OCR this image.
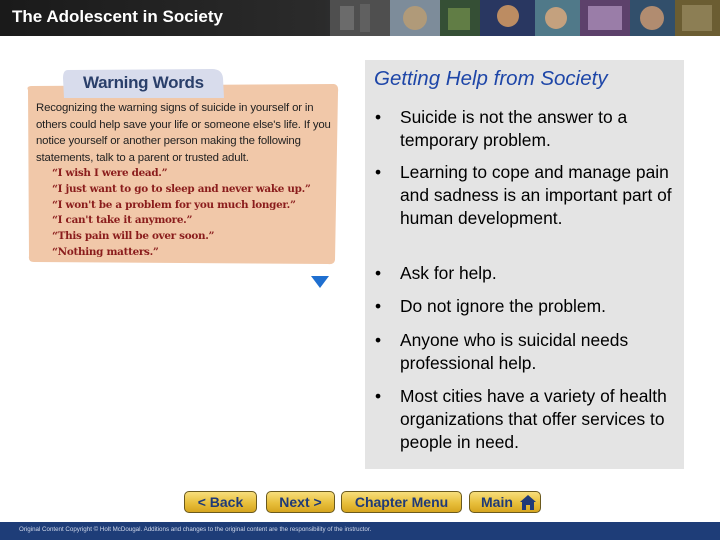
The Adolescent in Society
Warning Words
Recognizing the warning signs of suicide in yourself or in others could help save your life or someone else's life. If you notice yourself or another person making the following statements, talk to a parent or trusted adult.
“I wish I were dead.”
“I just want to go to sleep and never wake up.”
“I won't be a problem for you much longer.”
“I can't take it anymore.”
“This pain will be over soon.”
“Nothing matters.”
Getting Help from Society
• Suicide is not the answer to a temporary problem.
• Learning to cope and manage pain and sadness is an important part of human development.
• Ask for help.
• Do not ignore the problem.
• Anyone who is suicidal needs professional help.
• Most cities have a variety of health organizations that offer services to people in need.
< Back	Next >	Chapter Menu	Main
Original Content Copyright © Holt McDougal. Additions and changes to the original content are the responsibility of the instructor.
